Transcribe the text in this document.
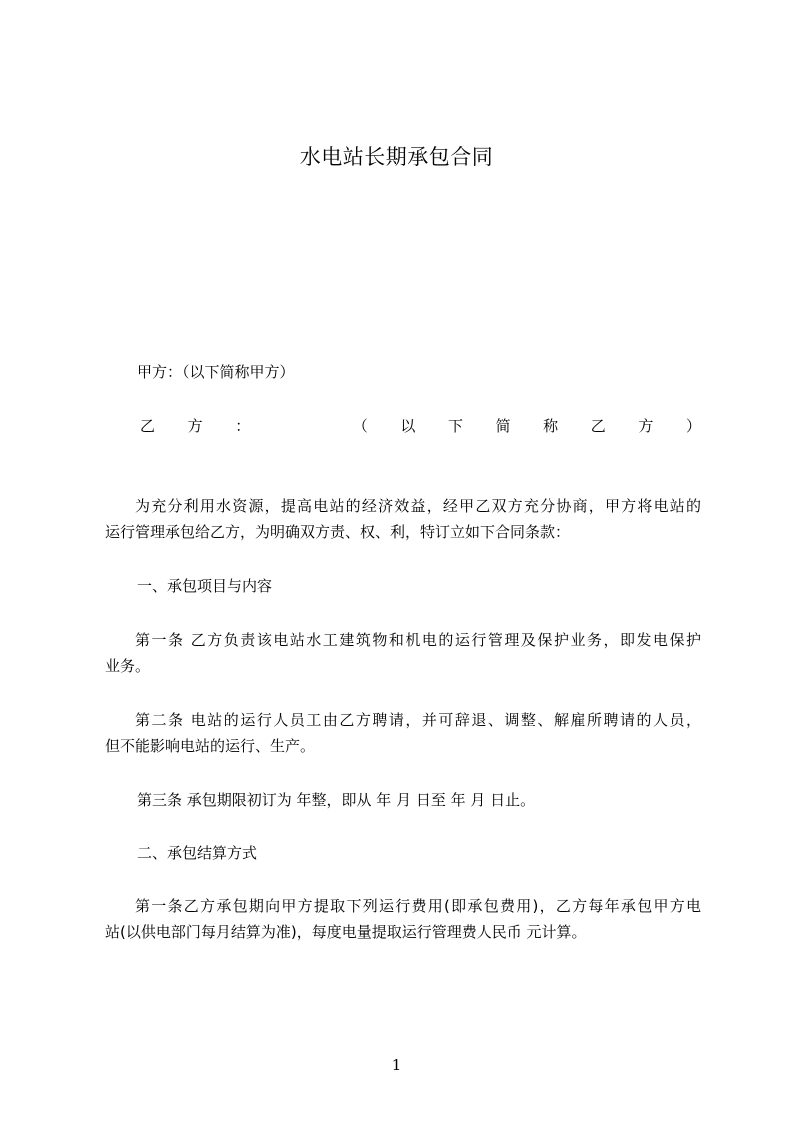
水电站长期承包合同
甲方：（以下简称甲方）
乙 方 ：	（ 以 下 简 称 乙 方 ）
为充分利用水资源，提高电站的经济效益，经甲乙双方充分协商，甲方将电站的
运行管理承包给乙方，为明确双方责、权、利，特订立如下合同条款：
一、承包项目与内容
第一条 乙方负责该电站水工建筑物和机电的运行管理及保护业务，即发电保护
业务。
第二条 电站的运行人员工由乙方聘请，并可辞退、调整、解雇所聘请的人员，
但不能影响电站的运行、生产。
第三条 承包期限初订为 年整，即从 年 月 日至 年 月 日止。
二、承包结算方式
第一条乙方承包期向甲方提取下列运行费用(即承包费用)，乙方每年承包甲方电
站(以供电部门每月结算为准)，每度电量提取运行管理费人民币 元计算。
1
